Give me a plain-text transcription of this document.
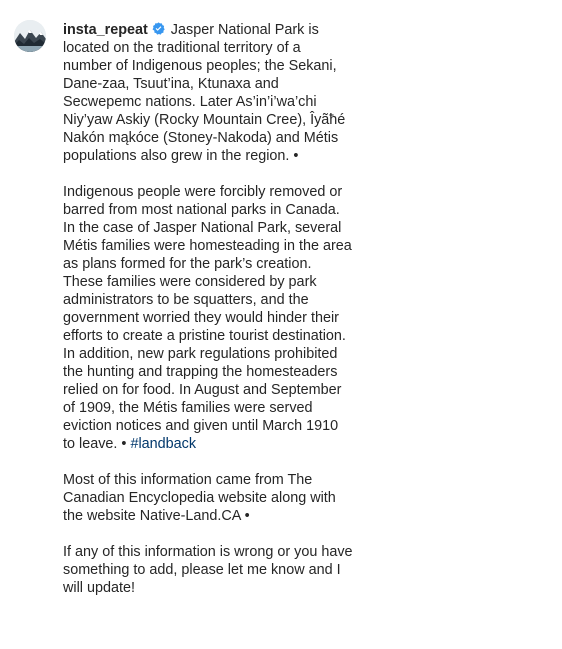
insta_repeat Jasper National Park is located on the traditional territory of a number of Indigenous peoples; the Sekani, Dane-zaa, Tsuut’ina, Ktunaxa and Secwepemc nations. Later As’in’i’wa’chi Niy’yaw Askiy (Rocky Mountain Cree), Îyãħé Nakón mąkóce (Stoney-Nakoda) and Métis populations also grew in the region. •
Indigenous people were forcibly removed or barred from most national parks in Canada. In the case of Jasper National Park, several Métis families were homesteading in the area as plans formed for the park’s creation. These families were considered by park administrators to be squatters, and the government worried they would hinder their efforts to create a pristine tourist destination. In addition, new park regulations prohibited the hunting and trapping the homesteaders relied on for food. In August and September of 1909, the Métis families were served eviction notices and given until March 1910 to leave. • #landback
Most of this information came from The Canadian Encyclopedia website along with the website Native-Land.CA •
If any of this information is wrong or you have something to add, please let me know and I will update!
